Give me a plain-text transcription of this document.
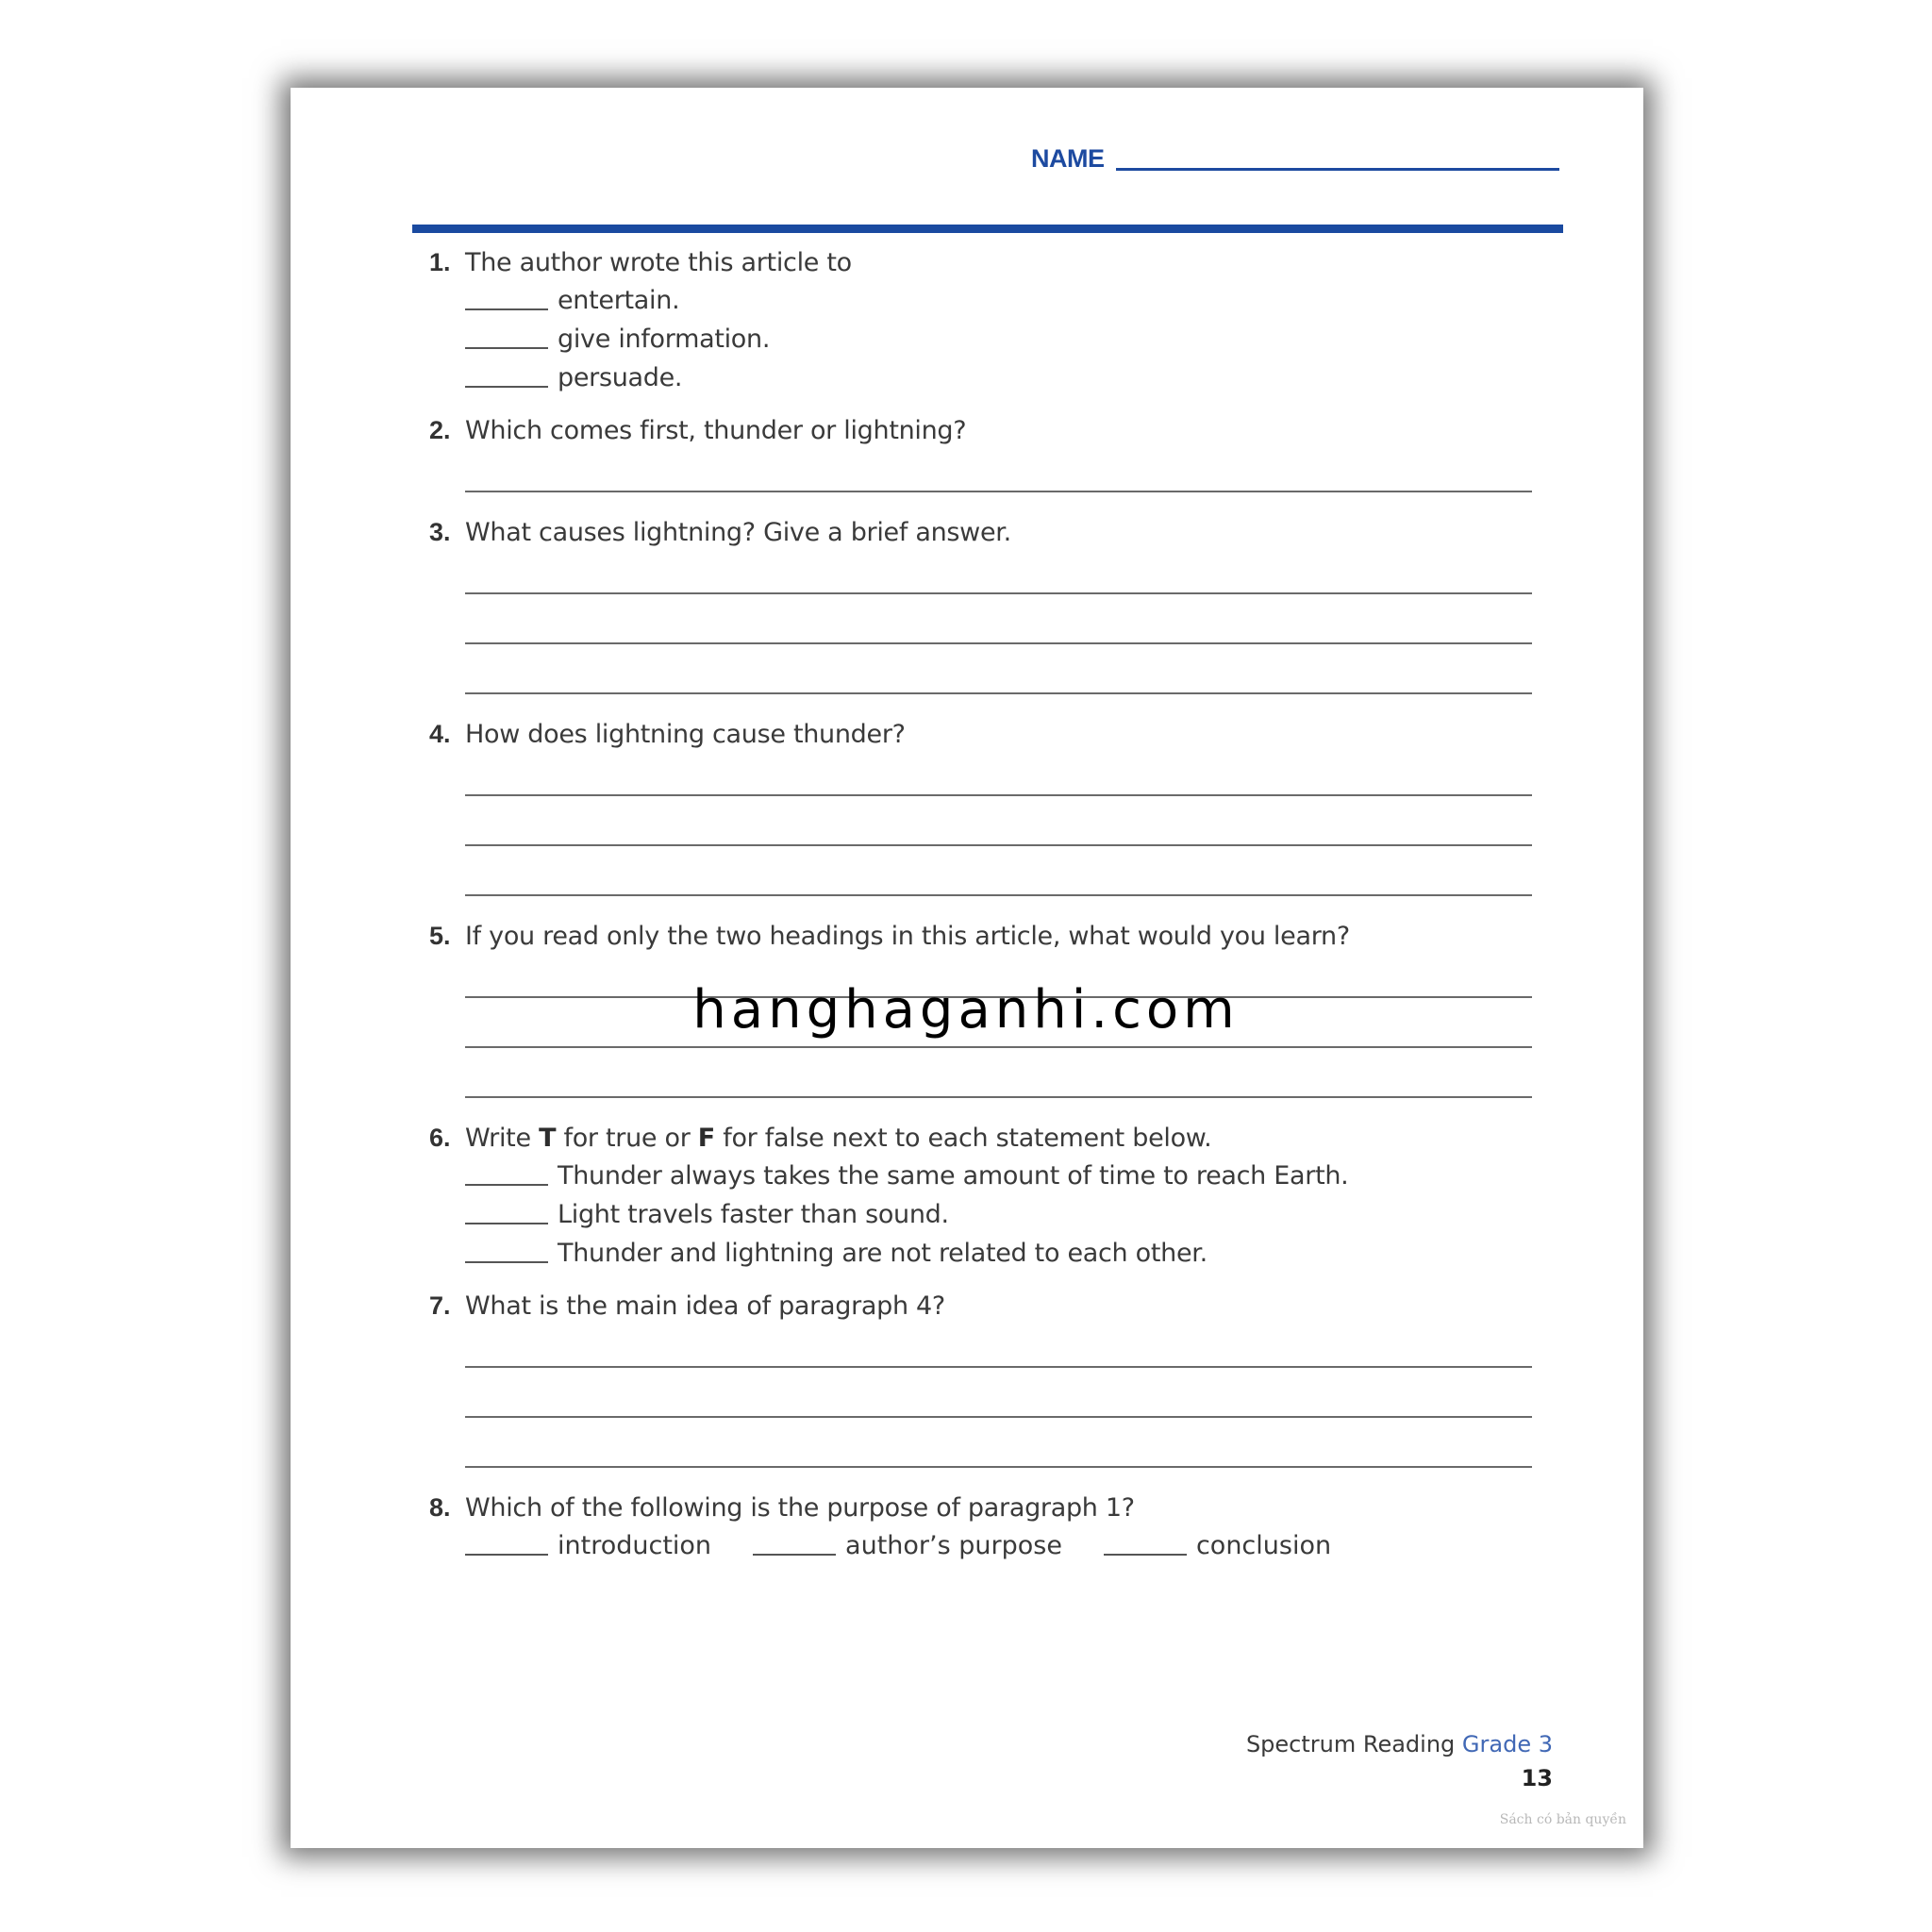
NAME
1. The author wrote this article to
entertain.
give information.
persuade.
2. Which comes first, thunder or lightning?
3. What causes lightning? Give a brief answer.
4. How does lightning cause thunder?
5. If you read only the two headings in this article, what would you learn?
6. Write T for true or F for false next to each statement below.
Thunder always takes the same amount of time to reach Earth.
Light travels faster than sound.
Thunder and lightning are not related to each other.
7. What is the main idea of paragraph 4?
8. Which of the following is the purpose of paragraph 1?
introduction	author’s purpose	conclusion
Spectrum Reading Grade 3
13
Sách có bản quyền
hanghaganhi.com
